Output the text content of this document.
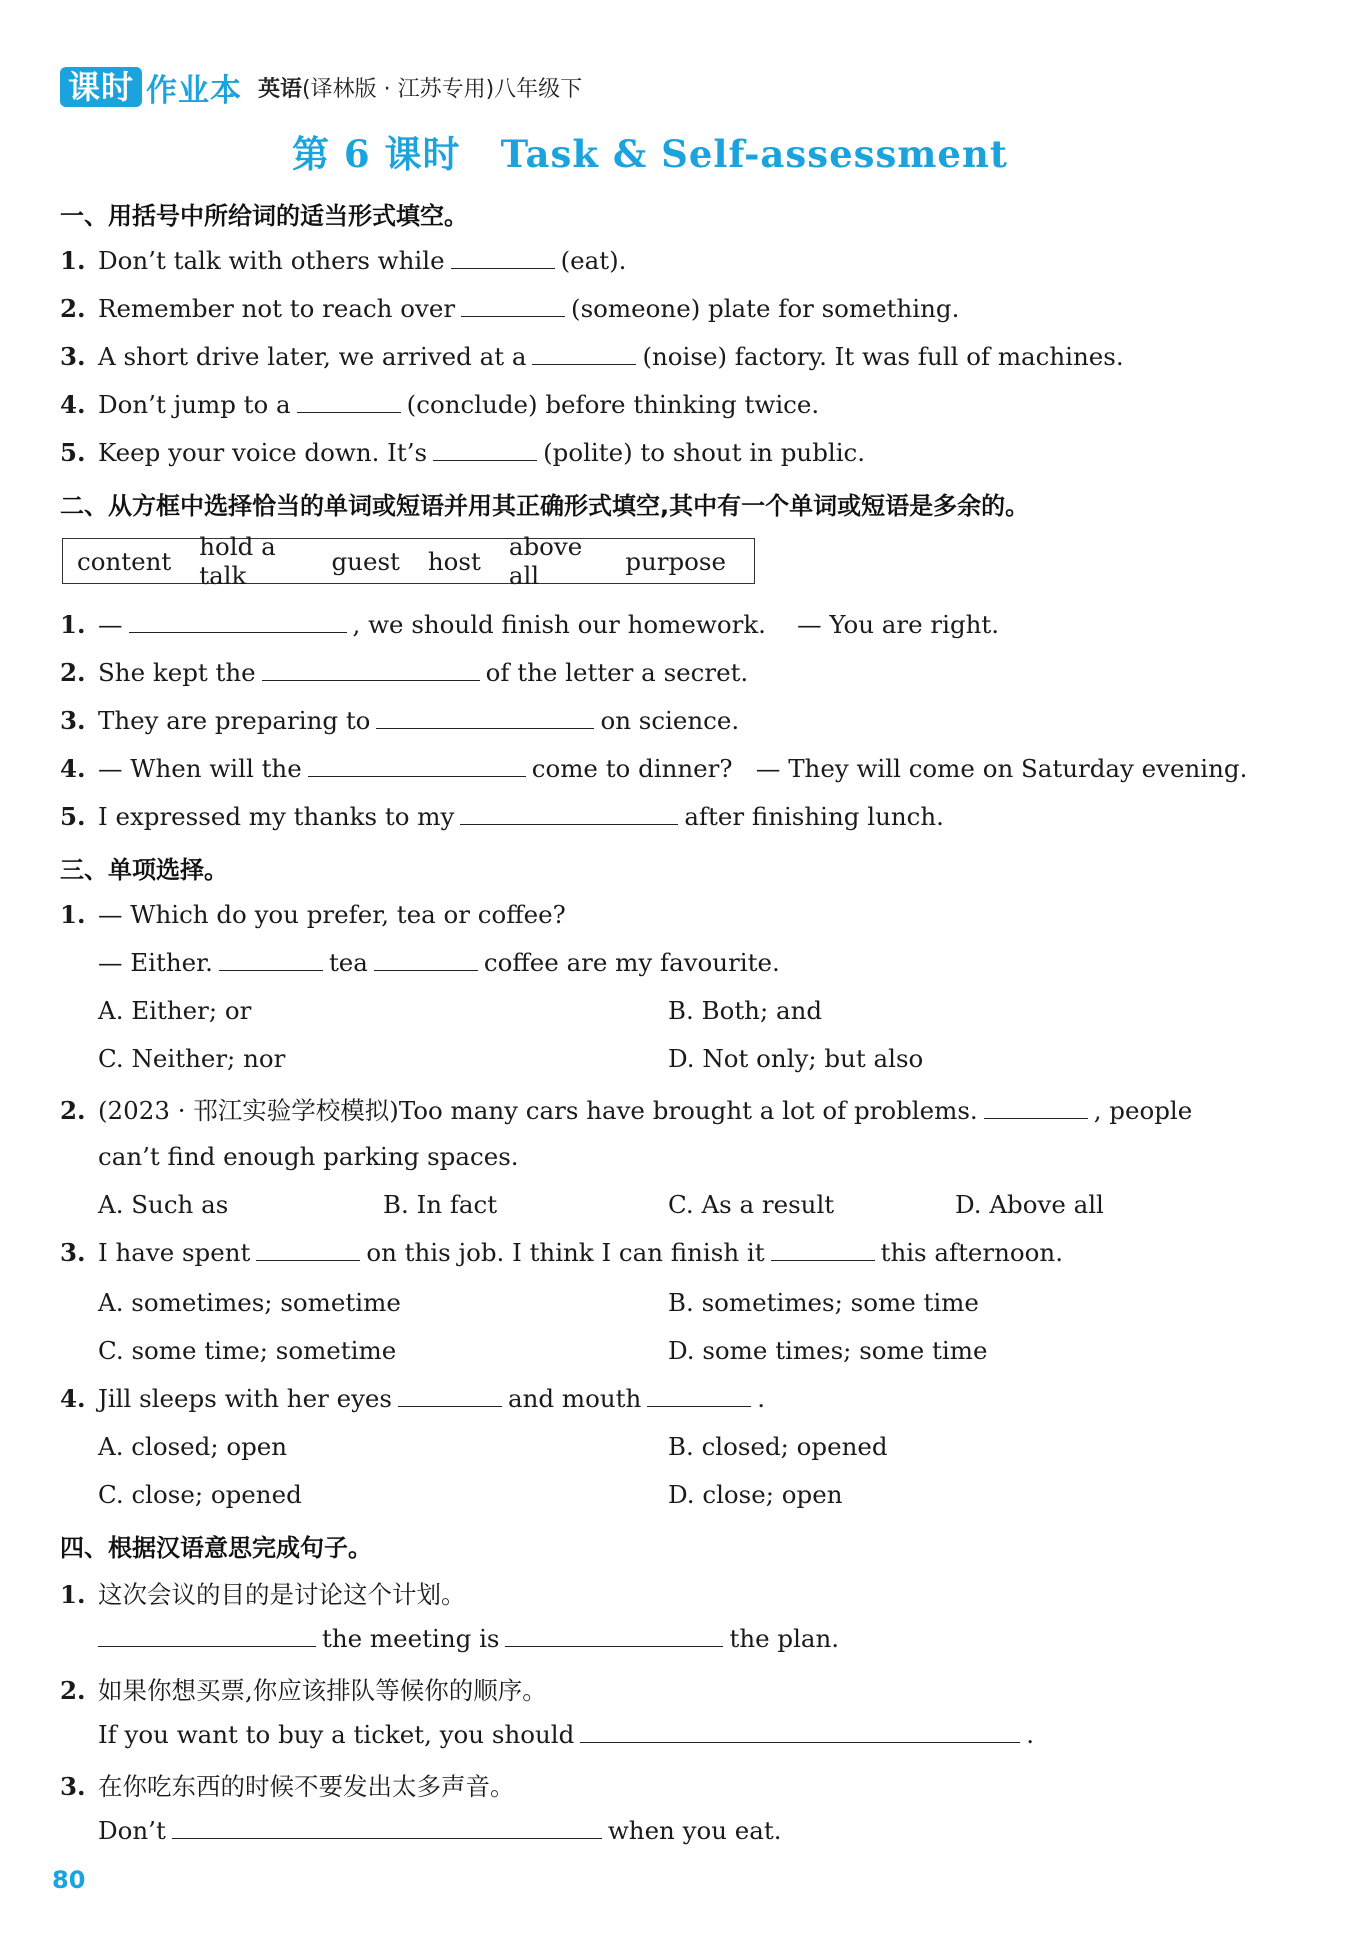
课时 作业本 英语(译林版 · 江苏专用)八年级下
第 6 课时 Task & Self-assessment
一、用括号中所给词的适当形式填空。
1. Don’t talk with others while	(eat).
2. Remember not to reach over	(someone) plate for something.
3. A short drive later, we arrived at a	(noise) factory. It was full of machines.
4. Don’t jump to a	(conclude) before thinking twice.
5. Keep your voice down. It’s	(polite) to shout in public.
二、从方框中选择恰当的单词或短语并用其正确形式填空,其中有一个单词或短语是多余的。
content hold a talk	guest host above all	purpose
1. —	, we should finish our homework. — You are right.
2. She kept the	of the letter a secret.
3. They are preparing to	on science.
4. — When will the	come to dinner? — They will come on Saturday evening.
5. I expressed my thanks to my	after finishing lunch.
三、单项选择。
1. — Which do you prefer, tea or coffee?
— Either.	tea	coffee are my favourite.
A. Either; or	B. Both; and
C. Neither; nor	D. Not only; but also
2. (2023 · 邗江实验学校模拟)Too many cars have brought a lot of problems.	, people
can’t find enough parking spaces.
A. Such as	B. In fact	C. As a result	D. Above all
3. I have spent	on this job. I think I can finish it	this afternoon.
A. sometimes; sometime	B. sometimes; some time
C. some time; sometime	D. some times; some time
4. Jill sleeps with her eyes	and mouth	.
A. closed; open	B. closed; opened
C. close; opened	D. close; open
四、根据汉语意思完成句子。
1. 这次会议的目的是讨论这个计划。
the meeting is	the plan.
2. 如果你想买票,你应该排队等候你的顺序。
If you want to buy a ticket, you should	.
3. 在你吃东西的时候不要发出太多声音。
Don’t	when you eat.
80
